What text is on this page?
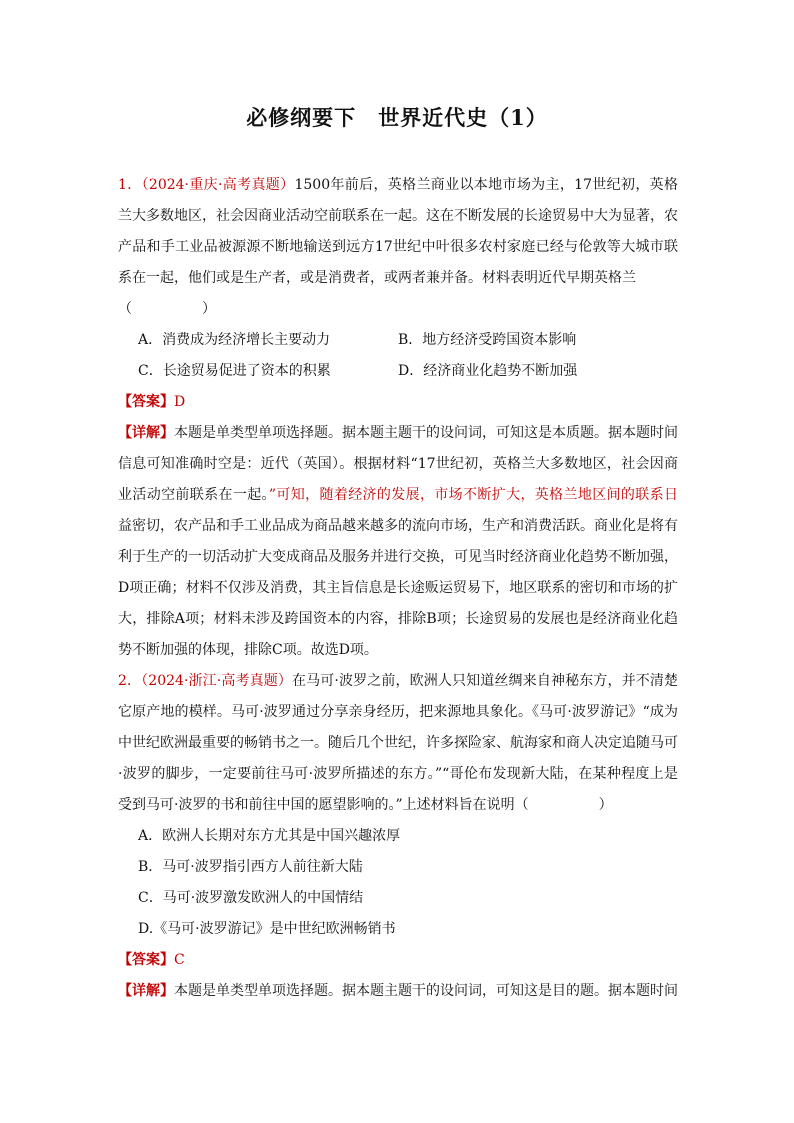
必修纲要下 世界近代史（1）

1．（2024·重庆·高考真题）1500年前后，英格兰商业以本地市场为主，17世纪初，英格兰大多数地区，社会因商业活动空前联系在一起。这在不断发展的长途贸易中大为显著，农产品和手工业品被源源不断地输送到远方17世纪中叶很多农村家庭已经与伦敦等大城市联系在一起，他们或是生产者，或是消费者，或两者兼并备。材料表明近代早期英格兰

（	）

A．消费成为经济增长主要动力	B．地方经济受跨国资本影响
C．长途贸易促进了资本的积累	D．经济商业化趋势不断加强

【答案】D

【详解】本题是单类型单项选择题。据本题主题干的设问词，可知这是本质题。据本题时间信息可知准确时空是：近代（英国）。根据材料“17世纪初，英格兰大多数地区，社会因商业活动空前联系在一起。”可知，随着经济的发展，市场不断扩大，英格兰地区间的联系日益密切，农产品和手工业品成为商品越来越多的流向市场，生产和消费活跃。商业化是将有利于生产的一切活动扩大变成商品及服务并进行交换，可见当时经济商业化趋势不断加强，D项正确；材料不仅涉及消费，其主旨信息是长途贩运贸易下，地区联系的密切和市场的扩大，排除A项；材料未涉及跨国资本的内容，排除B项；长途贸易的发展也是经济商业化趋势不断加强的体现，排除C项。故选D项。

2．（2024·浙江·高考真题）在马可·波罗之前，欧洲人只知道丝绸来自神秘东方，并不清楚它原产地的模样。马可·波罗通过分享亲身经历，把来源地具象化。《马可·波罗游记》“成为中世纪欧洲最重要的畅销书之一。随后几个世纪，许多探险家、航海家和商人决定追随马可·波罗的脚步，一定要前往马可·波罗所描述的东方。”“哥伦布发现新大陆，在某种程度上是受到马可·波罗的书和前往中国的愿望影响的。”上述材料旨在说明（	）

A．欧洲人长期对东方尤其是中国兴趣浓厚

B．马可·波罗指引西方人前往新大陆

C．马可·波罗激发欧洲人的中国情结

D.《马可·波罗游记》是中世纪欧洲畅销书

【答案】C

【详解】本题是单类型单项选择题。据本题主题干的设问词，可知这是目的题。据本题时间
